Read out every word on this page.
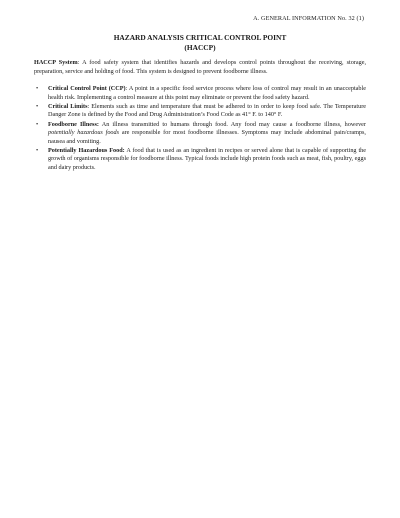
A. GENERAL INFORMATION No. 32 (1)
HAZARD ANALYSIS CRITICAL CONTROL POINT
(HACCP)

HACCP System: A food safety system that identifies hazards and develops control points throughout the receiving, storage, preparation, service and holding of food. This system is designed to prevent foodborne illness.

• Critical Control Point (CCP): A point in a specific food service process where loss of control may result in an unacceptable health risk. Implementing a control measure at this point may eliminate or prevent the food safety hazard.
• Critical Limits: Elements such as time and temperature that must be adhered to in order to keep food safe. The Temperature Danger Zone is defined by the Food and Drug Administration’s Food Code as 41° F. to 140° F.
• Foodborne Illness: An illness transmitted to humans through food. Any food may cause a foodborne illness, however potentially hazardous foods are responsible for most foodborne illnesses. Symptoms may include abdominal pain/cramps, nausea and vomiting.
• Potentially Hazardous Food: A food that is used as an ingredient in recipes or served alone that is capable of supporting the growth of organisms responsible for foodborne illness. Typical foods include high protein foods such as meat, fish, poultry, eggs and dairy products.
